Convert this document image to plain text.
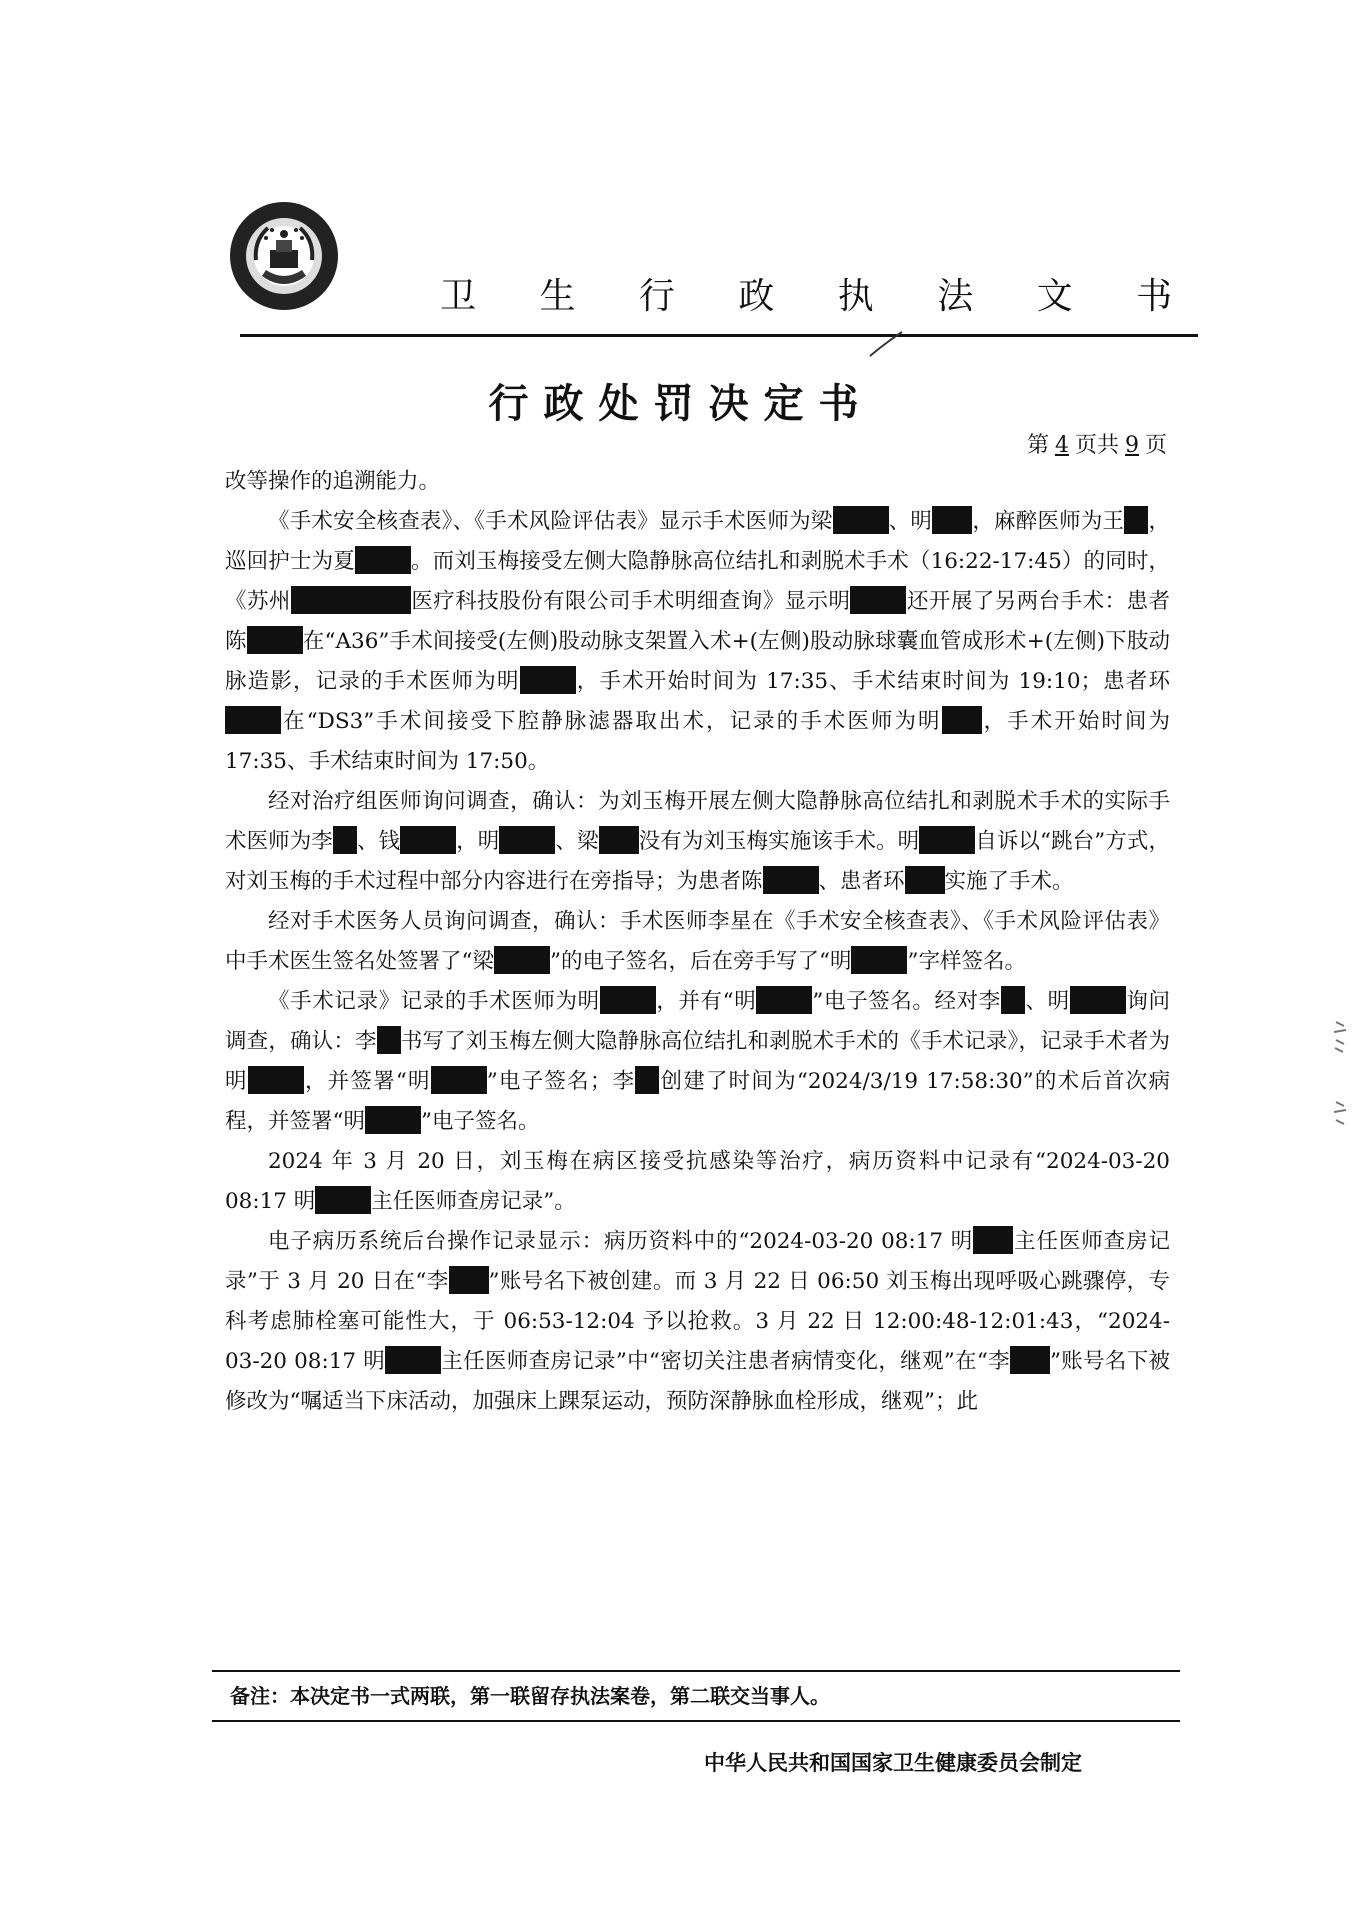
卫 生 行 政 执 法 文 书
行政处罚决定书
第 4 页共 9 页

改等操作的追溯能力。

《手术安全核查表》、《手术风险评估表》显示手术医师为梁	、明 ，麻醉医师为王 ，巡回护士为夏	。而刘玉梅接受左侧大隐静脉高位结扎和剥脱术手术（16:22-17:45）的同时，《苏州	医疗科技股份有限公司手术明细查询》显示明	还开展了另两台手术：患者陈	在“A36”手术间接受(左侧)股动脉支架置入术+(左侧)股动脉球囊血管成形术+(左侧)下肢动脉造影，记录的手术医师为明	，手术开始时间为 17:35、手术结束时间为 19:10；患者环在“DS3”手术间接受下腔静脉滤器取出术，记录的手术医师为明 ，手术开始时间为 17:35、手术结束时间为 17:50。

经对治疗组医师询问调查，确认：为刘玉梅开展左侧大隐静脉高位结扎和剥脱术手术的实际手术医师为李 、钱	，明	、梁 没有为刘玉梅实施该手术。明	自诉以“跳台”方式，对刘玉梅的手术过程中部分内容进行在旁指导；为患者陈	、患者环 实施了手术。

经对手术医务人员询问调查，确认：手术医师李星在《手术安全核查表》、《手术风险评估表》中手术医生签名处签署了“梁	”的电子签名，后在旁手写了“明	”字样签名。

《手术记录》记录的手术医师为明	，并有“明	”电子签名。经对李 、明	询问调查，确认：李 书写了刘玉梅左侧大隐静脉高位结扎和剥脱术手术的《手术记录》，记录手术者为明	，并签署“明	”电子签名；李 创建了时间为“2024/3/19 17:58:30”的术后首次病程，并签署“明	”电子签名。

2024 年 3 月 20 日，刘玉梅在病区接受抗感染等治疗，病历资料中记录有“2024-03-20 08:17 明	主任医师查房记录”。

电子病历系统后台操作记录显示：病历资料中的“2024-03-20 08:17 明 主任医师查房记录”于 3 月 20 日在“李 ”账号名下被创建。而 3 月 22 日 06:50 刘玉梅出现呼吸心跳骤停，专科考虑肺栓塞可能性大，于 06:53-12:04 予以抢救。3 月 22 日 12:00:48-12:01:43，“2024-03-20 08:17 明	主任医师查房记录”中“密切关注患者病情变化，继观”在“李 ”账号名下被修改为“嘱适当下床活动，加强床上踝泵运动，预防深静脉血栓形成，继观”；此

备注：本决定书一式两联，第一联留存执法案卷，第二联交当事人。
中华人民共和国国家卫生健康委员会制定
